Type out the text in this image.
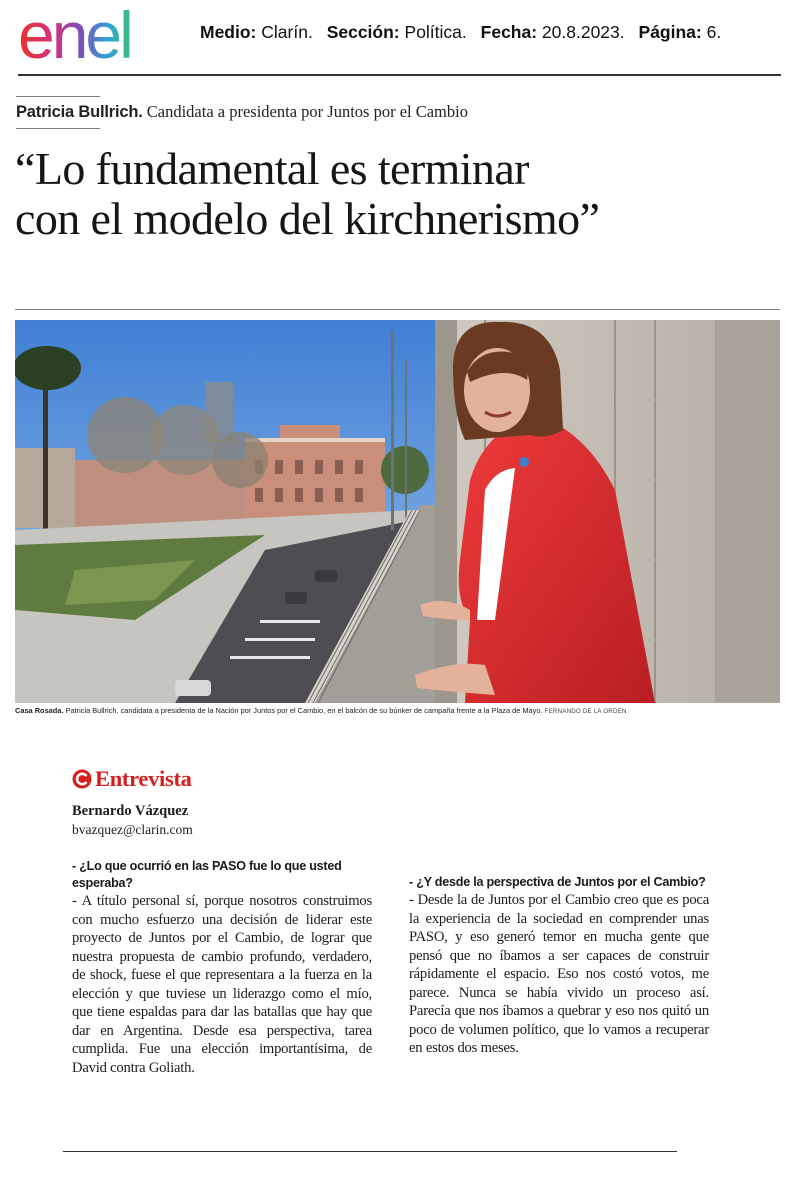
enel	Medio: Clarín. Sección: Política. Fecha: 20.8.2023. Página: 6.
Patricia Bullrich. Candidata a presidenta por Juntos por el Cambio
“Lo fundamental es terminar
con el modelo del kirchnerismo”
Casa Rosada. Patricia Bullrich, candidata a presidenta de la Nación por Juntos por el Cambio, en el balcón de su búnker de campaña frente a la Plaza de Mayo. FERNANDO DE LA ORDEN
Entrevista
Bernardo Vázquez
bvazquez@clarin.com

- ¿Lo que ocurrió en las PASO fue lo que usted esperaba?

- A título personal sí, porque nosotros construimos con mucho esfuerzo una decisión de liderar este proyecto de Juntos por el Cambio, de lograr que nuestra propuesta de cambio profundo, verdadero, de shock, fuese el que representara a la fuerza en la elección y que tuviese un liderazgo como el mío, que tiene espaldas para dar las batallas que hay que dar en Argentina. Desde esa perspectiva, tarea cumplida. Fue una elección importantísima, de David contra Goliath.

- ¿Y desde la perspectiva de Juntos por el Cambio?

- Desde la de Juntos por el Cambio creo que es poca la experiencia de la sociedad en comprender unas PASO, y eso generó temor en mucha gente que pensó que no íbamos a ser capaces de construir rápidamente el espacio. Eso nos costó votos, me parece. Nunca se había vivido un proceso así. Parecía que nos íbamos a quebrar y eso nos quitó un poco de volumen político, que lo vamos a recuperar en estos dos meses.
